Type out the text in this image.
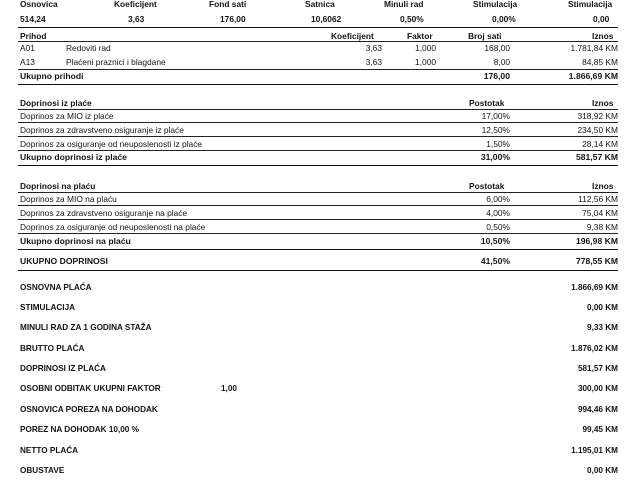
Osnovica	Koeficijent	Fond sati	Satnica	Minuli rad	Stimulacija	Stimulacija
514,24	3,63	176,00	10,6062	0,50%	0,00%	0,00
Prihod	Koeficijent	Faktor	Broj sati	Iznos
A01	Redoviti rad	3,63	1,000	168,00	1.781,84 KM
A13	Plaćeni praznici i blagdane	3,63	1,000	8,00	84,85 KM
Ukupno prihodi	176,00	1.866,69 KM
Doprinosi iz plaće	Postotak	Iznos
Doprinos za MIO iz plaće	17,00%	318,92 KM
Doprinos za zdravstveno osiguranje iz plaće	12,50%	234,50 KM
Doprinos za osiguranje od neuposlenosti iz plaće	1,50%	28,14 KM
Ukupno doprinosi iz plaće	31,00%	581,57 KM
Doprinosi na plaću	Postotak	Iznos
Doprinos za MIO na plaću	6,00%	112,56 KM
Doprinos za zdravstveno osiguranje na plaće	4,00%	75,04 KM
Doprinos za osiguranje od neuposlenosti na plaće	0,50%	9,38 KM
Ukupno doprinosi na plaću	10,50%	196,98 KM
UKUPNO DOPRINOSI	41,50%	778,55 KM
OSNOVNA PLAĆA	1.866,69 KM
STIMULACIJA	0,00 KM
MINULI RAD ZA 1 GODINA STAŽA	9,33 KM
BRUTTO PLAĆA	1.876,02 KM
DOPRINOSI IZ PLAĆA	581,57 KM
OSOBNI ODBITAK UKUPNI FAKTOR	1,00	300,00 KM
OSNOVICA POREZA NA DOHODAK	994,46 KM
POREZ NA DOHODAK 10,00 %	99,45 KM
NETTO PLAĆA	1.195,01 KM
OBUSTAVE	0,00 KM
